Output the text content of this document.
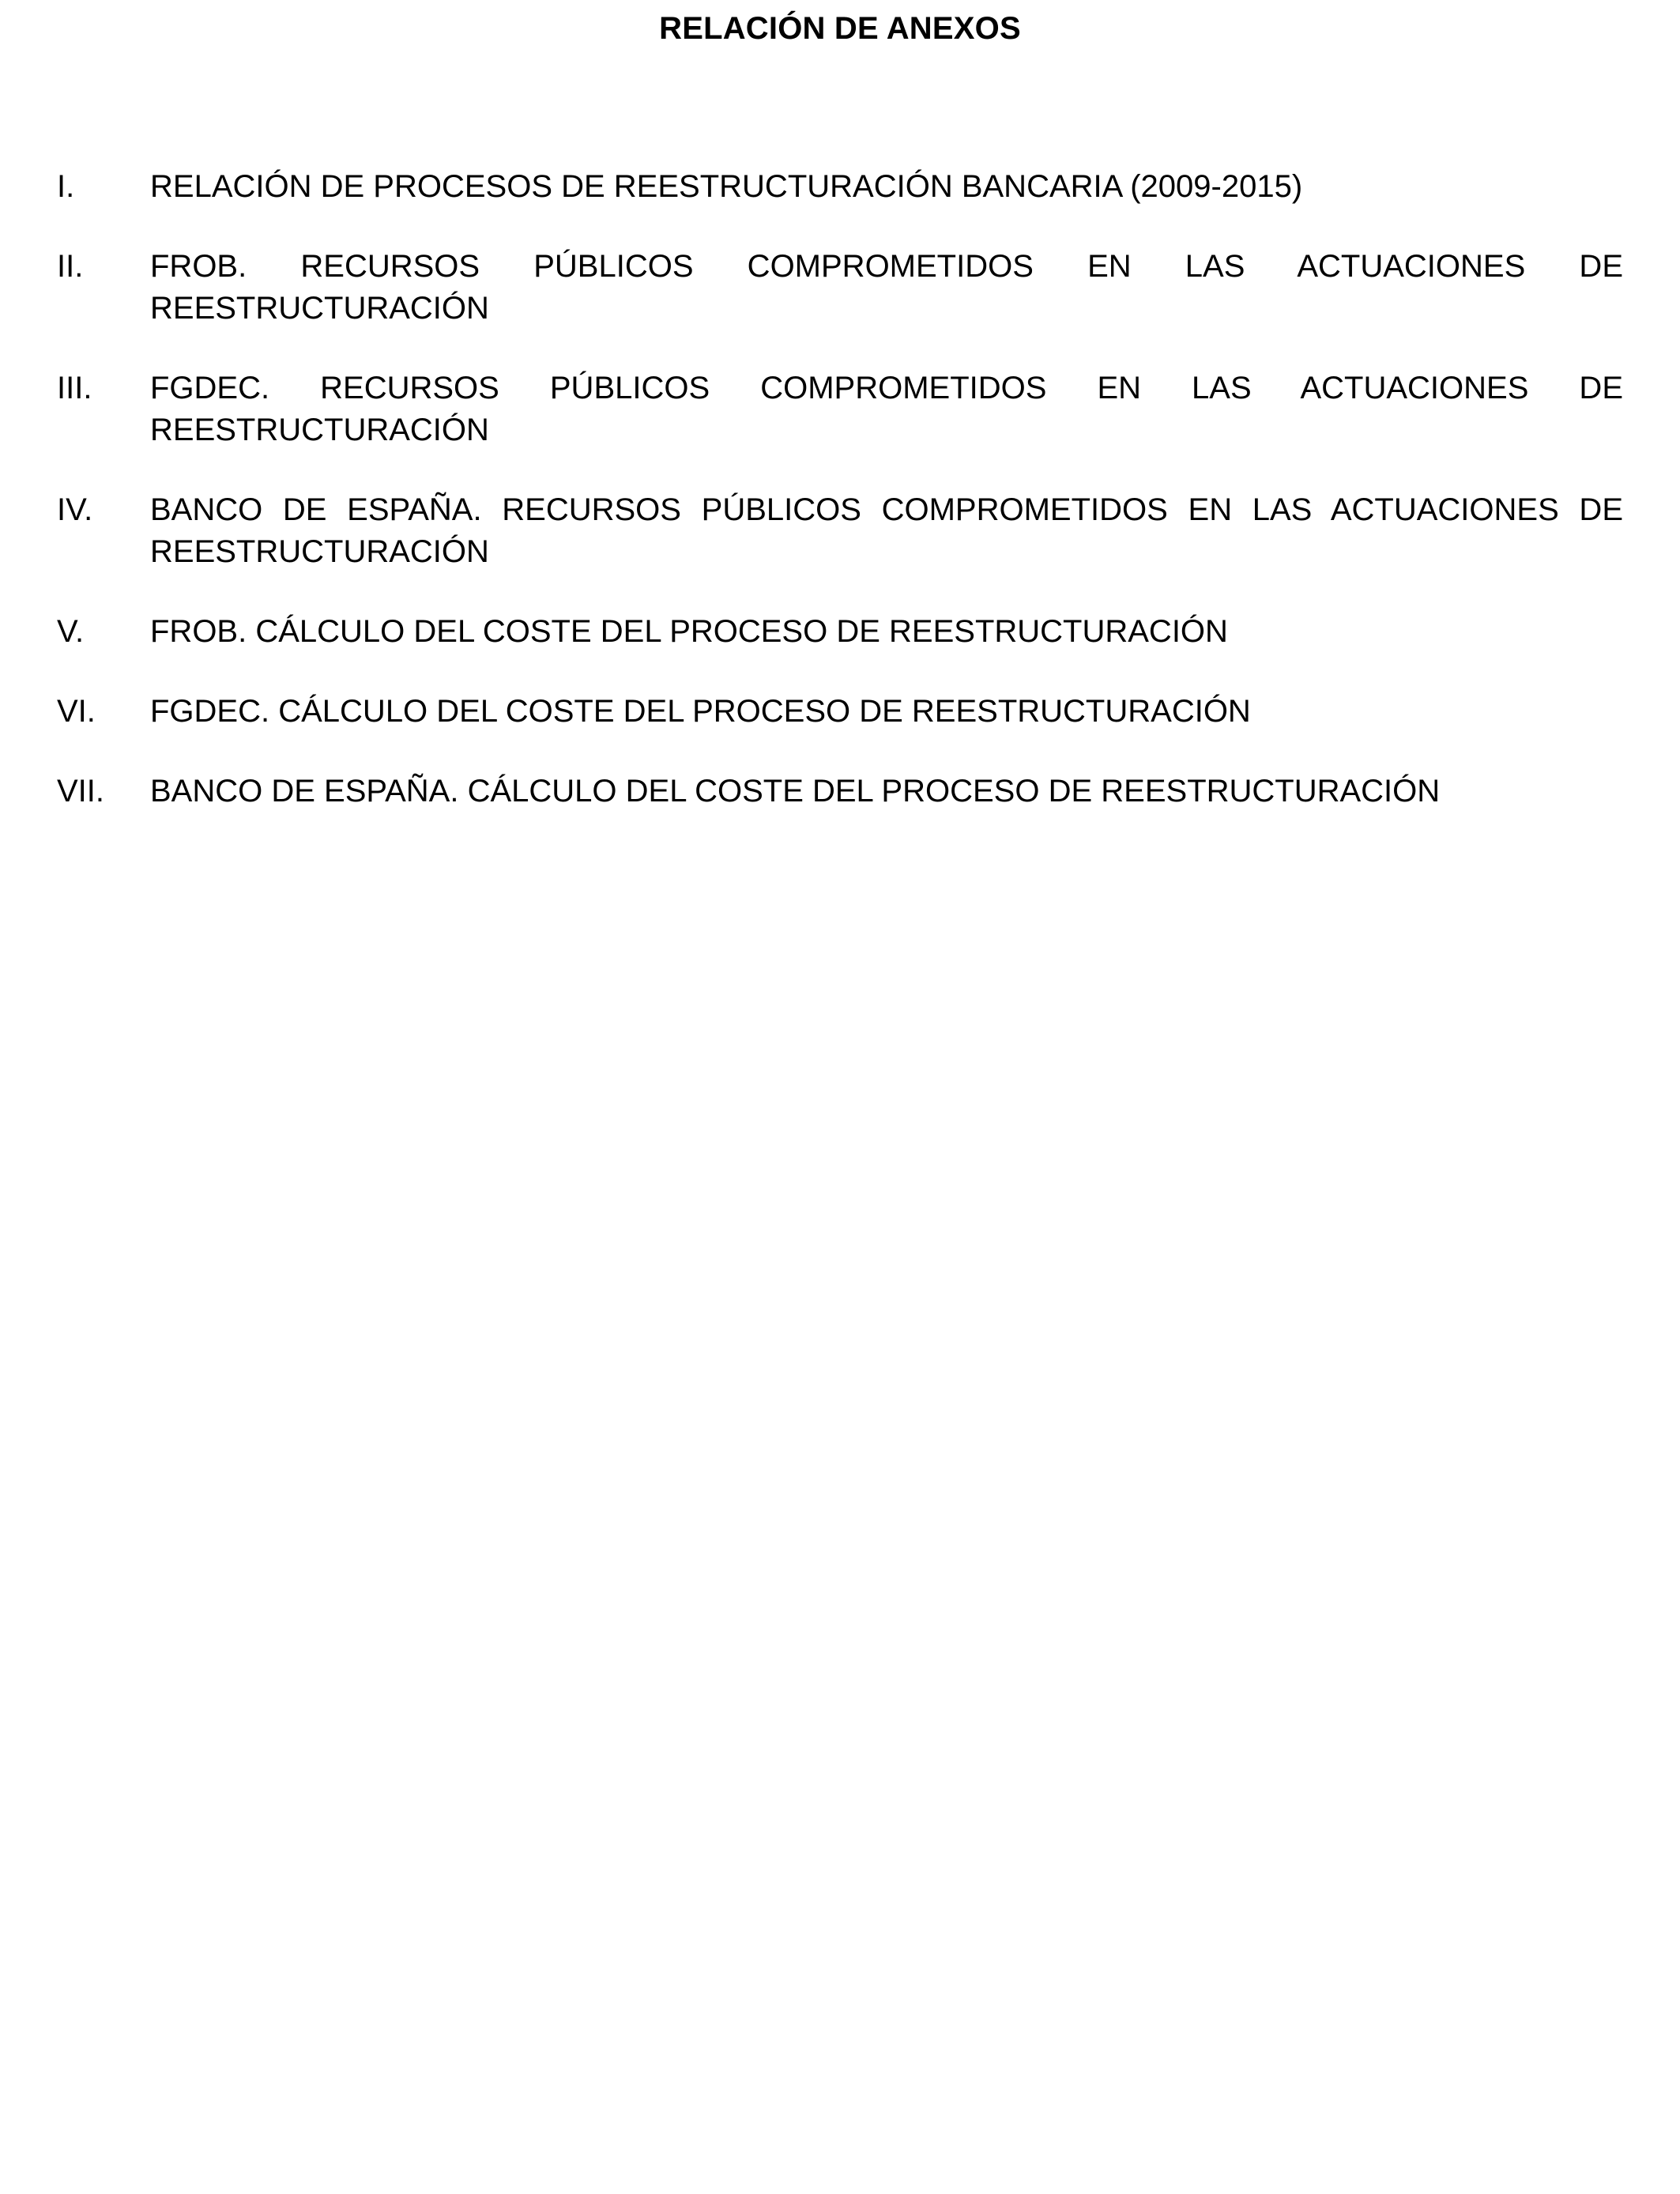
RELACIÓN DE ANEXOS
I.	RELACIÓN DE PROCESOS DE REESTRUCTURACIÓN BANCARIA (2009-2015)
II.	FROB. RECURSOS PÚBLICOS COMPROMETIDOS EN LAS ACTUACIONES DE REESTRUCTURACIÓN
III.	FGDEC. RECURSOS PÚBLICOS COMPROMETIDOS EN LAS ACTUACIONES DE REESTRUCTURACIÓN
IV.	BANCO DE ESPAÑA. RECURSOS PÚBLICOS COMPROMETIDOS EN LAS ACTUACIONES DE REESTRUCTURACIÓN
V.	FROB. CÁLCULO DEL COSTE DEL PROCESO DE REESTRUCTURACIÓN
VI.	FGDEC. CÁLCULO DEL COSTE DEL PROCESO DE REESTRUCTURACIÓN
VII.	BANCO DE ESPAÑA. CÁLCULO DEL COSTE DEL PROCESO DE REESTRUCTURACIÓN
